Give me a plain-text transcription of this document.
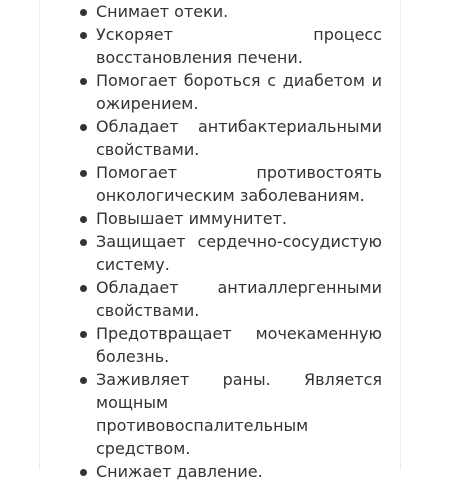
Снимает отеки.
Ускоряет процесс восстановления печени.
Помогает бороться с диабетом и ожирением.
Обладает антибактериальными свойствами.
Помогает противостоять онкологическим заболеваниям.
Повышает иммунитет.
Защищает сердечно-сосудистую систему.
Обладает антиаллергенными свойствами.
Предотвращает мочекаменную болезнь.
Заживляет раны. Является мощным противовоспалительным средством.
Снижает давление.
